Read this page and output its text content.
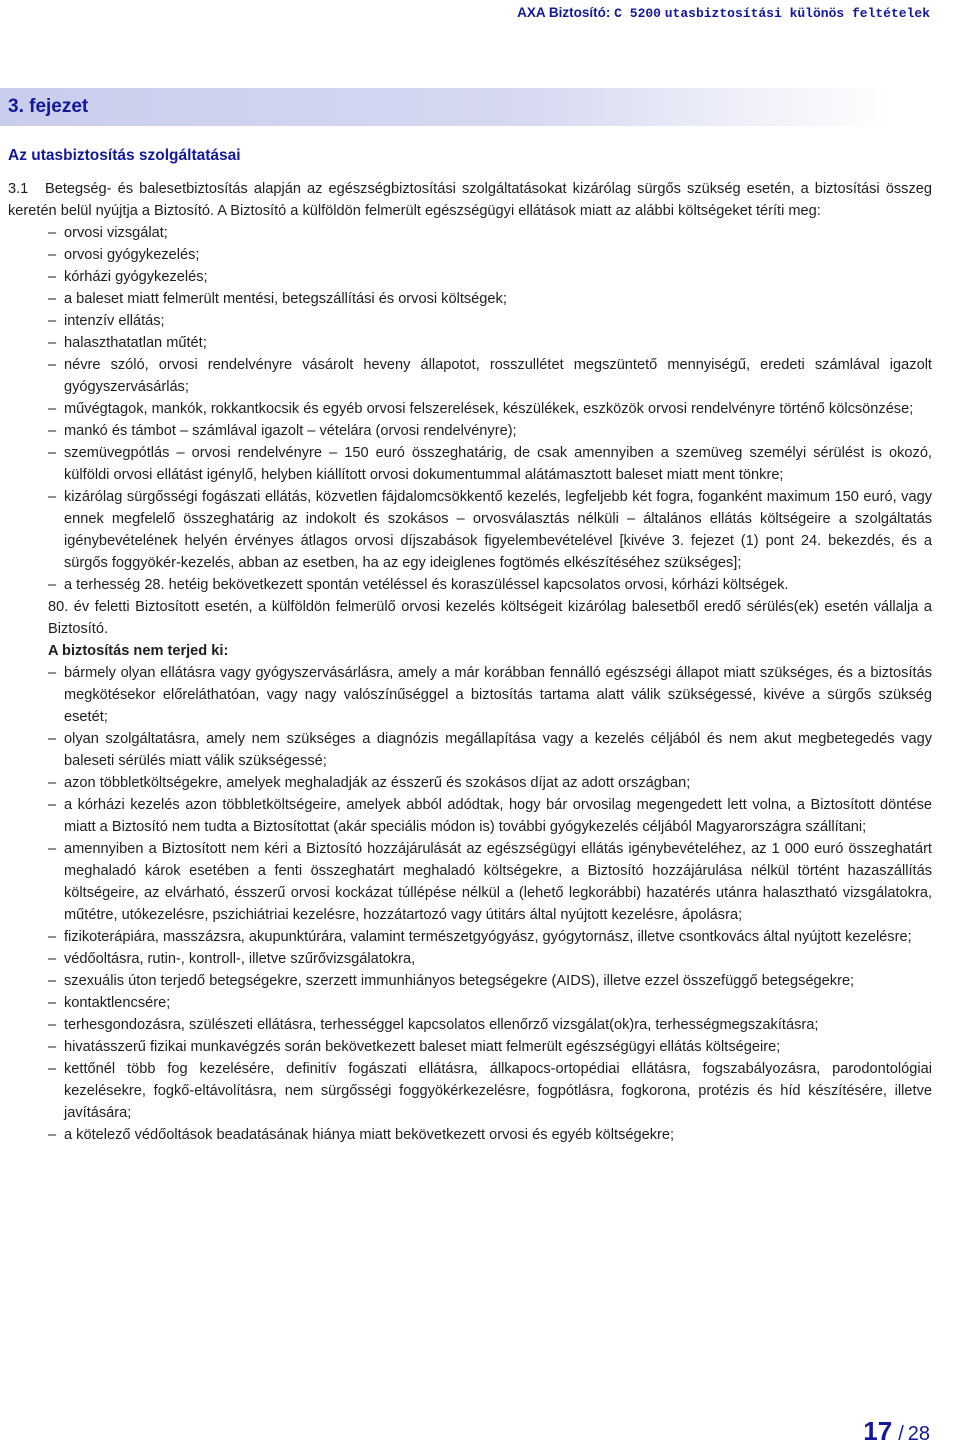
AXA Biztosító: C 5200 utasbiztosítási különös feltételek
3. fejezet
Az utasbiztosítás szolgáltatásai

3.1 Betegség- és balesetbiztosítás alapján az egészségbiztosítási szolgáltatásokat kizárólag sürgős szükség esetén, a biztosítási összeg keretén belül nyújtja a Biztosító. A Biztosító a külföldön felmerült egészségügyi ellátások miatt az alábbi költségeket téríti meg:

– orvosi vizsgálat;

– orvosi gyógykezelés;

– kórházi gyógykezelés;

– a baleset miatt felmerült mentési, betegszállítási és orvosi költségek;

– intenzív ellátás;

– halaszthatatlan műtét;

– névre szóló, orvosi rendelvényre vásárolt heveny állapotot, rosszullétet megszüntető mennyiségű, eredeti számlával igazolt gyógyszervásárlás;

– művégtagok, mankók, rokkantkocsik és egyéb orvosi felszerelések, készülékek, eszközök orvosi rendelvényre történő kölcsönzése;

– mankó és támbot – számlával igazolt – vételára (orvosi rendelvényre);

– szemüvegpótlás – orvosi rendelvényre – 150 euró összeghatárig, de csak amennyiben a szemüveg személyi sérülést is okozó, külföldi orvosi ellátást igénylő, helyben kiállított orvosi dokumentummal alátámasztott baleset miatt ment tönkre;

– kizárólag sürgősségi fogászati ellátás, közvetlen fájdalomcsökkentő kezelés, legfeljebb két fogra, foganként maximum 150 euró, vagy ennek megfelelő összeghatárig az indokolt és szokásos – orvosválasztás nélküli – általános ellátás költségeire a szolgáltatás igénybevételének helyén érvényes átlagos orvosi díjszabások figyelembevételével [kivéve 3. fejezet (1) pont 24. bekezdés, és a sürgős foggyökér-kezelés, abban az esetben, ha az egy ideiglenes fogtömés elkészítéséhez szükséges];

– a terhesség 28. hetéig bekövetkezett spontán vetéléssel és koraszüléssel kapcsolatos orvosi, kórházi költségek.

80. év feletti Biztosított esetén, a külföldön felmerülő orvosi kezelés költségeit kizárólag balesetből eredő sérülés(ek) esetén vállalja a Biztosító.

A biztosítás nem terjed ki:

– bármely olyan ellátásra vagy gyógyszervásárlásra, amely a már korábban fennálló egészségi állapot miatt szükséges, és a biztosítás megkötésekor előreláthatóan, vagy nagy valószínűséggel a biztosítás tartama alatt válik szükségessé, kivéve a sürgős szükség esetét;

– olyan szolgáltatásra, amely nem szükséges a diagnózis megállapítása vagy a kezelés céljából és nem akut megbetegedés vagy baleseti sérülés miatt válik szükségessé;

– azon többletköltségekre, amelyek meghaladják az ésszerű és szokásos díjat az adott országban;

– a kórházi kezelés azon többletköltségeire, amelyek abból adódtak, hogy bár orvosilag megengedett lett volna, a Biztosított döntése miatt a Biztosító nem tudta a Biztosítottat (akár speciális módon is) további gyógykezelés céljából Magyarországra szállítani;

– amennyiben a Biztosított nem kéri a Biztosító hozzájárulását az egészségügyi ellátás igénybevételéhez, az 1 000 euró összeghatárt meghaladó károk esetében a fenti összeghatárt meghaladó költségekre, a Biztosító hozzájárulása nélkül történt hazaszállítás költségeire, az elvárható, ésszerű orvosi kockázat túllépése nélkül a (lehető legkorábbi) hazatérés utánra halasztható vizsgálatokra, műtétre, utókezelésre, pszichiátriai kezelésre, hozzátartozó vagy útitárs által nyújtott kezelésre, ápolásra;

– fizikoterápiára, masszázsra, akupunktúrára, valamint természetgyógyász, gyógytornász, illetve csontkovács által nyújtott kezelésre;

– védőoltásra, rutin-, kontroll-, illetve szűrővizsgálatokra,

– szexuális úton terjedő betegségekre, szerzett immunhiányos betegségekre (AIDS), illetve ezzel összefüggő betegségekre;

– kontaktlencsére;

– terhesgondozásra, szülészeti ellátásra, terhességgel kapcsolatos ellenőrző vizsgálat(ok)ra, terhességmegszakításra;

– hivatásszerű fizikai munkavégzés során bekövetkezett baleset miatt felmerült egészségügyi ellátás költségeire;

– kettőnél több fog kezelésére, definitív fogászati ellátásra, állkapocs-ortopédiai ellátásra, fogszabályozásra, parodontológiai kezelésekre, fogkő-eltávolításra, nem sürgősségi foggyökérkezelésre, fogpótlásra, fogkorona, protézis és híd készítésére, illetve javítására;

– a kötelező védőoltások beadatásának hiánya miatt bekövetkezett orvosi és egyéb költségekre;

17 / 28
